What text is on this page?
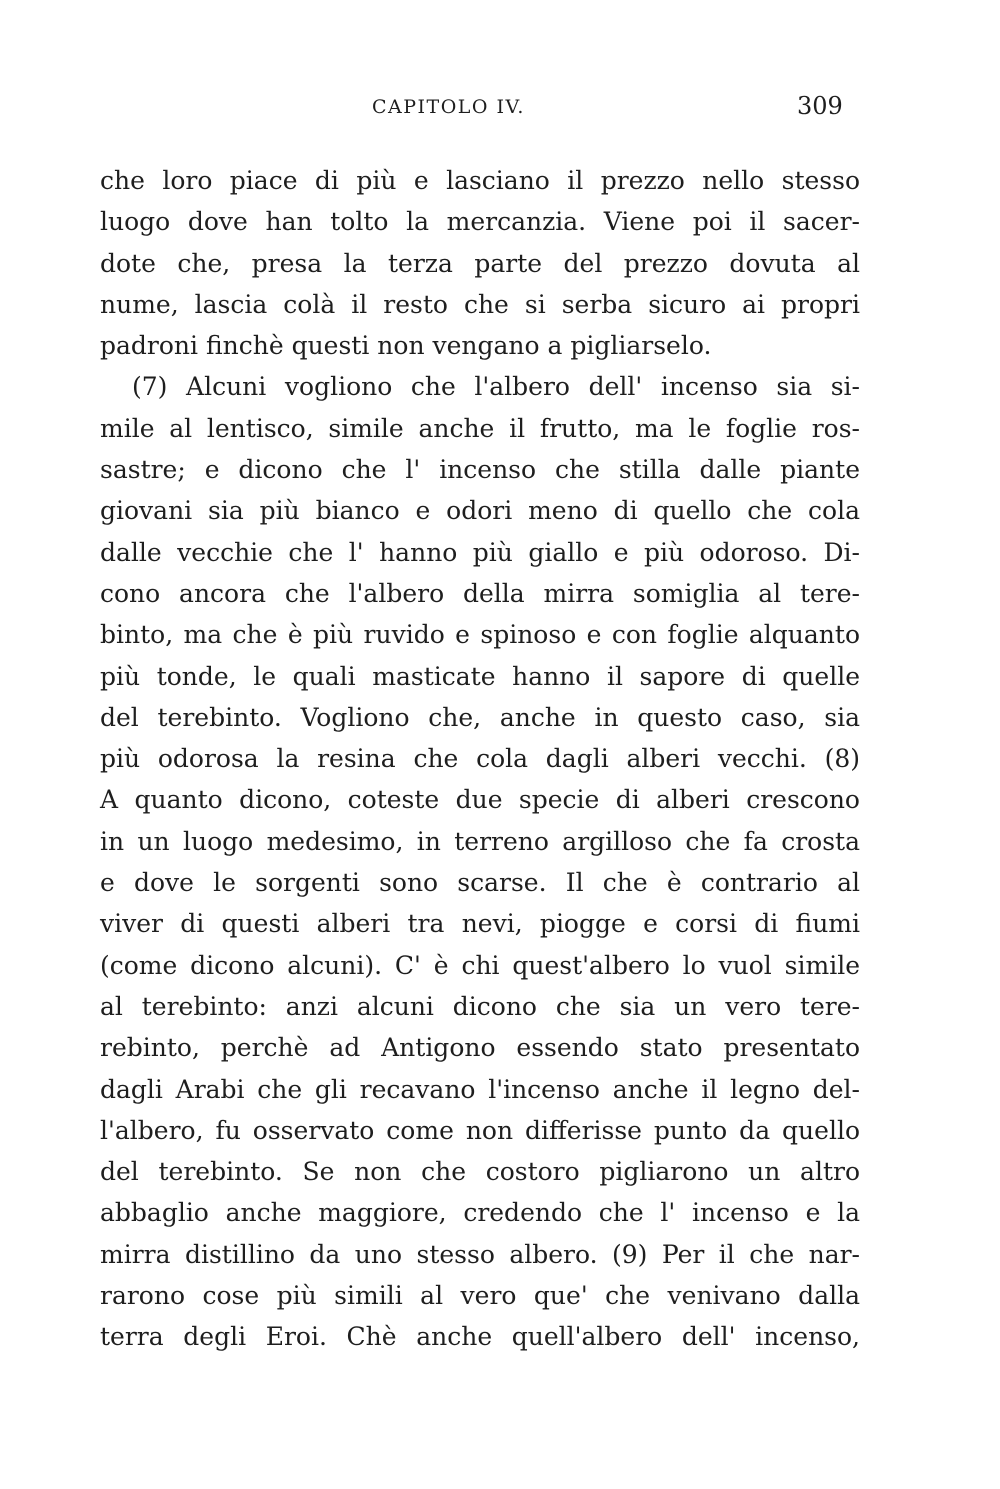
CAPITOLO IV.	309
che loro piace di più e lasciano il prezzo nello stesso
luogo dove han tolto la mercanzia. Viene poi il sacer-
dote che, presa la terza parte del prezzo dovuta al
nume, lascia colà il resto che si serba sicuro ai propri
padroni finchè questi non vengano a pigliarselo.
(7) Alcuni vogliono che l'albero dell' incenso sia si-
mile al lentisco, simile anche il frutto, ma le foglie ros-
sastre; e dicono che l' incenso che stilla dalle piante
giovani sia più bianco e odori meno di quello che cola
dalle vecchie che l' hanno più giallo e più odoroso. Di-
cono ancora che l'albero della mirra somiglia al tere-
binto, ma che è più ruvido e spinoso e con foglie alquanto
più tonde, le quali masticate hanno il sapore di quelle
del terebinto. Vogliono che, anche in questo caso, sia
più odorosa la resina che cola dagli alberi vecchi. (8)
A quanto dicono, coteste due specie di alberi crescono
in un luogo medesimo, in terreno argilloso che fa crosta
e dove le sorgenti sono scarse. Il che è contrario al
viver di questi alberi tra nevi, piogge e corsi di fiumi
(come dicono alcuni). C' è chi quest'albero lo vuol simile
al terebinto: anzi alcuni dicono che sia un vero tere-
rebinto, perchè ad Antigono essendo stato presentato
dagli Arabi che gli recavano l'incenso anche il legno del-
l'albero, fu osservato come non differisse punto da quello
del terebinto. Se non che costoro pigliarono un altro
abbaglio anche maggiore, credendo che l' incenso e la
mirra distillino da uno stesso albero. (9) Per il che nar-
rarono cose più simili al vero que' che venivano dalla
terra degli Eroi. Chè anche quell'albero dell' incenso,
